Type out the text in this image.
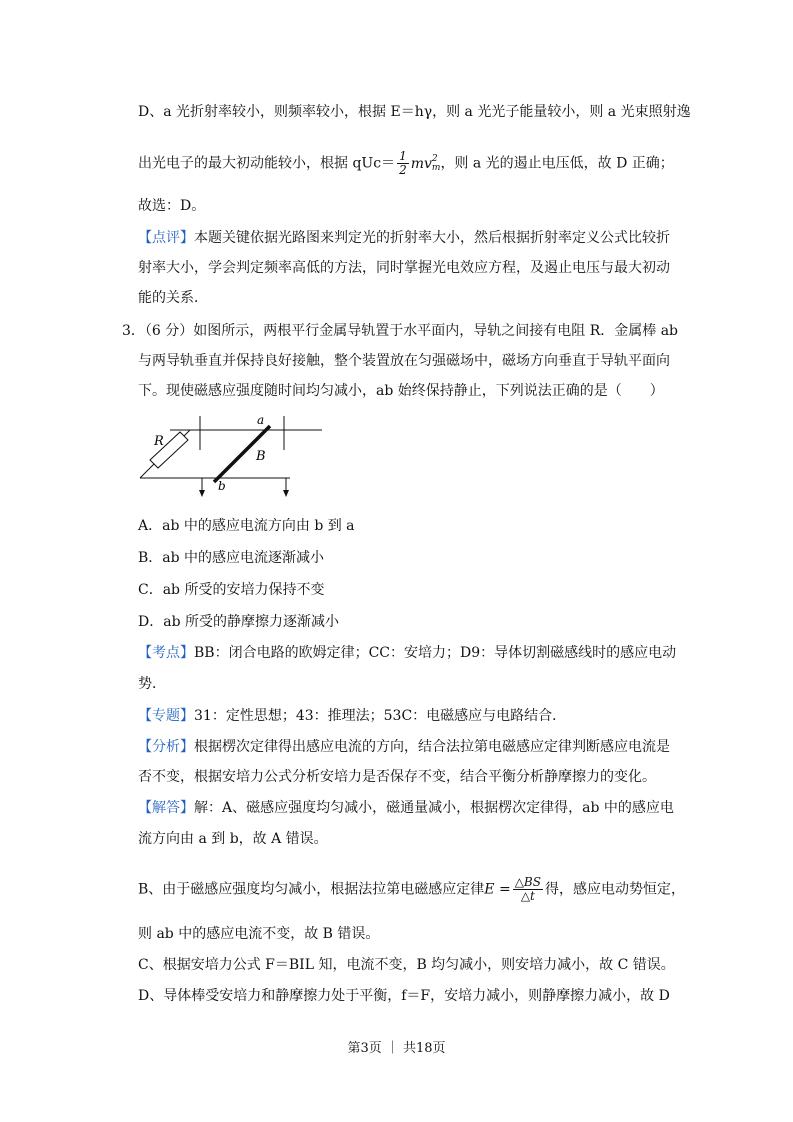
D、a 光折射率较小，则频率较小，根据 E＝hγ，则 a 光光子能量较小，则 a 光束照射逸
出光电子的最大初动能较小，根据 $qUc= \frac{1}{2}$ mv 2
m ，则 a 光的遏止电压低，故 D 正确；
故选：D。
【点评】本题关键依据光路图来判定光的折射率大小，然后根据折射率定义公式比较折
射率大小，学会判定频率高低的方法，同时掌握光电效应方程，及遏止电压与最大初动
能的关系．
3．（6 分）如图所示，两根平行金属导轨置于水平面内，导轨之间接有电阻 R．金属棒 ab
与两导轨垂直并保持良好接触，整个装置放在匀强磁场中，磁场方向垂直于导轨平面向
下。现使磁感应强度随时间均匀减小，ab 始终保持静止，下列说法正确的是（　　）
R
a
B
b
A．ab 中的感应电流方向由 b 到 a
B．ab 中的感应电流逐渐减小
C．ab 所受的安培力保持不变
D．ab 所受的静摩擦力逐渐减小
【考点】BB：闭合电路的欧姆定律；CC：安培力；D9：导体切割磁感线时的感应电动
势．
【专题】31：定性思想；43：推理法；53C：电磁感应与电路结合．
【分析】根据楞次定律得出感应电流的方向，结合法拉第电磁感应定律判断感应电流是
否不变，根据安培力公式分析安培力是否保存不变，结合平衡分析静摩擦力的变化。
【解答】解：A、磁感应强度均匀减小，磁通量减小，根据楞次定律得，ab 中的感应电
流方向由 a 到 b，故 A 错误。
B、由于磁感应强度均匀减小，根据法拉第电磁感应定律$E = \frac{\triangle BS}{\triangle t}$ 得，感应电动势恒定，
则 ab 中的感应电流不变，故 B 错误。
C、根据安培力公式 F＝BIL 知，电流不变，B 均匀减小，则安培力减小，故 C 错误。
D、导体棒受安培力和静摩擦力处于平衡，f＝F，安培力减小，则静摩擦力减小，故 D
第3页 ｜ 共18页
